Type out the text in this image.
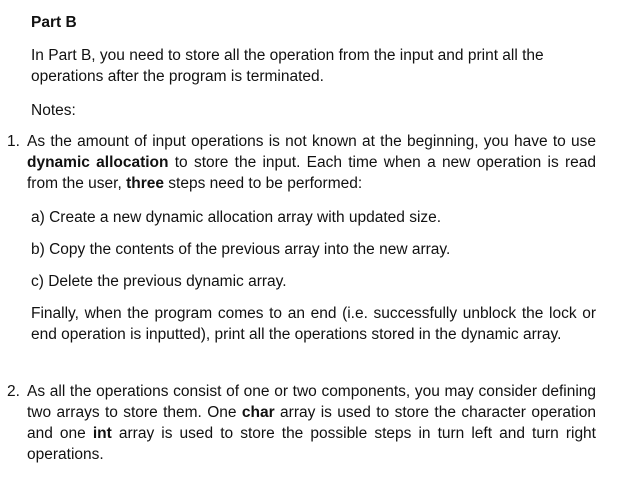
Part B
In Part B, you need to store all the operation from the input and print all the operations after the program is terminated.
Notes:
1. As the amount of input operations is not known at the beginning, you have to use dynamic allocation to store the input. Each time when a new operation is read from the user, three steps need to be performed:
a) Create a new dynamic allocation array with updated size.
b) Copy the contents of the previous array into the new array.
c) Delete the previous dynamic array.
Finally, when the program comes to an end (i.e. successfully unblock the lock or end operation is inputted), print all the operations stored in the dynamic array.
2. As all the operations consist of one or two components, you may consider defining two arrays to store them. One char array is used to store the character operation and one int array is used to store the possible steps in turn left and turn right operations.
